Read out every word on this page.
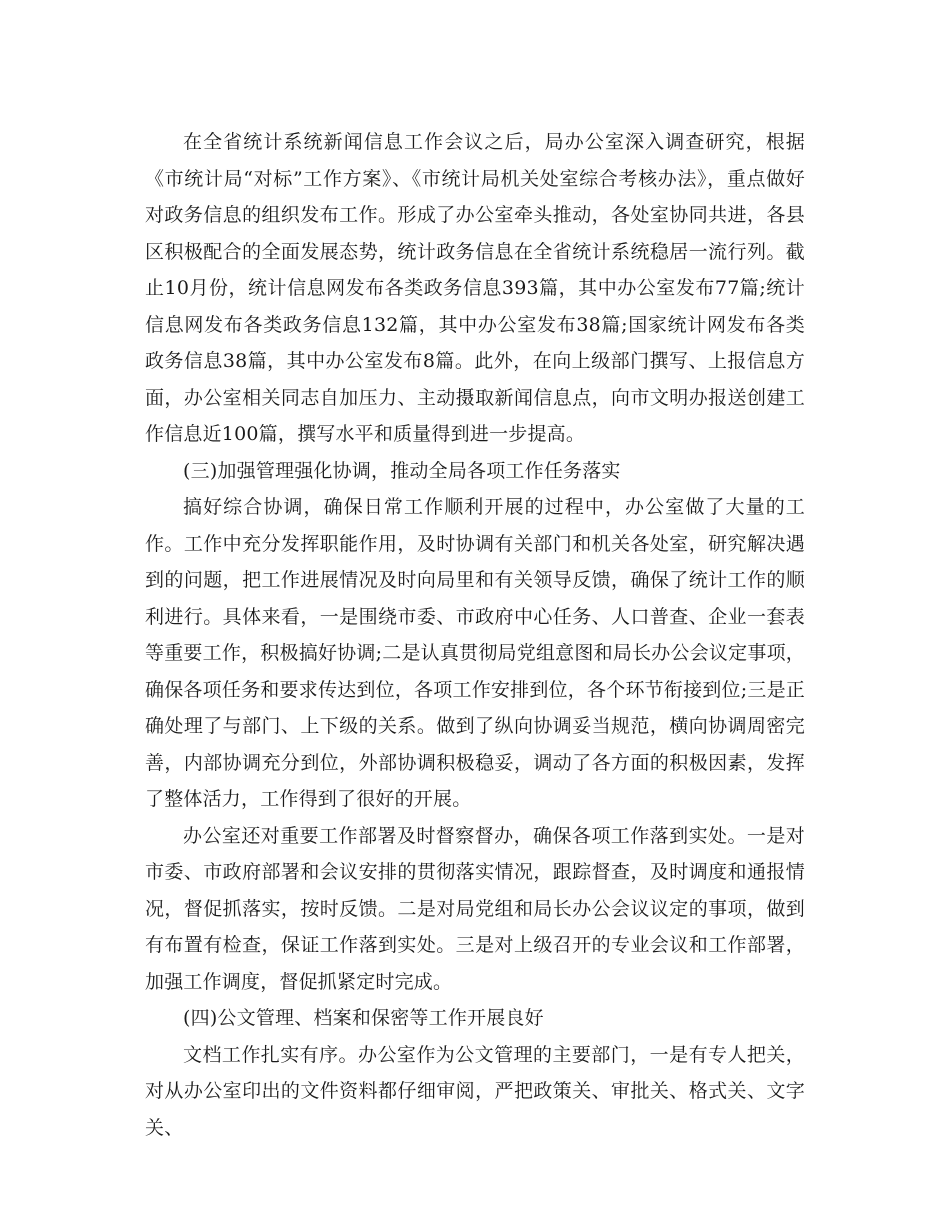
在全省统计系统新闻信息工作会议之后，局办公室深入调查研究，根据《市统计局“对标”工作方案》、《市统计局机关处室综合考核办法》，重点做好对政务信息的组织发布工作。形成了办公室牵头推动，各处室协同共进，各县区积极配合的全面发展态势，统计政务信息在全省统计系统稳居一流行列。截止10月份，统计信息网发布各类政务信息393篇，其中办公室发布77篇;统计信息网发布各类政务信息132篇，其中办公室发布38篇;国家统计网发布各类政务信息38篇，其中办公室发布8篇。此外，在向上级部门撰写、上报信息方面，办公室相关同志自加压力、主动摄取新闻信息点，向市文明办报送创建工作信息近100篇，撰写水平和质量得到进一步提高。

(三)加强管理强化协调，推动全局各项工作任务落实

搞好综合协调，确保日常工作顺利开展的过程中，办公室做了大量的工作。工作中充分发挥职能作用，及时协调有关部门和机关各处室，研究解决遇到的问题，把工作进展情况及时向局里和有关领导反馈，确保了统计工作的顺利进行。具体来看，一是围绕市委、市政府中心任务、人口普查、企业一套表等重要工作，积极搞好协调;二是认真贯彻局党组意图和局长办公会议定事项，确保各项任务和要求传达到位，各项工作安排到位，各个环节衔接到位;三是正确处理了与部门、上下级的关系。做到了纵向协调妥当规范，横向协调周密完善，内部协调充分到位，外部协调积极稳妥，调动了各方面的积极因素，发挥了整体活力，工作得到了很好的开展。

办公室还对重要工作部署及时督察督办，确保各项工作落到实处。一是对市委、市政府部署和会议安排的贯彻落实情况，跟踪督查，及时调度和通报情况，督促抓落实，按时反馈。二是对局党组和局长办公会议议定的事项，做到有布置有检查，保证工作落到实处。三是对上级召开的专业会议和工作部署，加强工作调度，督促抓紧定时完成。

(四)公文管理、档案和保密等工作开展良好

文档工作扎实有序。办公室作为公文管理的主要部门，一是有专人把关，对从办公室印出的文件资料都仔细审阅，严把政策关、审批关、格式关、文字关、
